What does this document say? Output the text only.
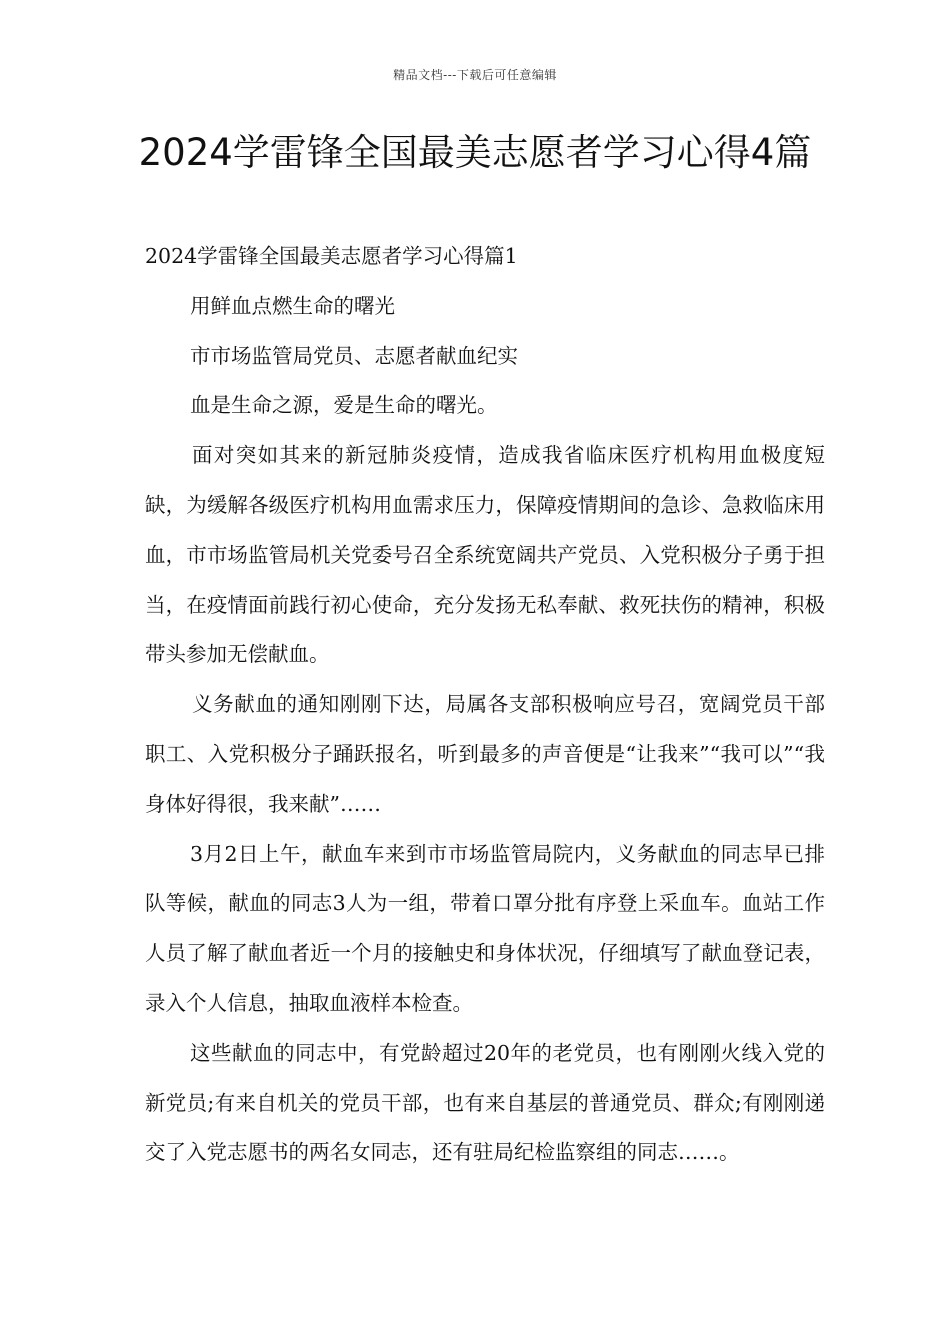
精品文档---下载后可任意编辑
2024学雷锋全国最美志愿者学习心得4篇

2024学雷锋全国最美志愿者学习心得篇1

用鲜血点燃生命的曙光

市市场监管局党员、志愿者献血纪实

血是生命之源，爱是生命的曙光。

面对突如其来的新冠肺炎疫情，造成我省临床医疗机构用血极度短缺，为缓解各级医疗机构用血需求压力，保障疫情期间的急诊、急救临床用血，市市场监管局机关党委号召全系统宽阔共产党员、入党积极分子勇于担当，在疫情面前践行初心使命，充分发扬无私奉献、救死扶伤的精神，积极带头参加无偿献血。

义务献血的通知刚刚下达，局属各支部积极响应号召，宽阔党员干部职工、入党积极分子踊跃报名，听到最多的声音便是“让我来”“我可以”“我身体好得很，我来献”……

3月2日上午，献血车来到市市场监管局院内，义务献血的同志早已排队等候，献血的同志3人为一组，带着口罩分批有序登上采血车。血站工作人员了解了献血者近一个月的接触史和身体状况，仔细填写了献血登记表，录入个人信息，抽取血液样本检查。

这些献血的同志中，有党龄超过20年的老党员，也有刚刚火线入党的新党员;有来自机关的党员干部，也有来自基层的普通党员、群众;有刚刚递交了入党志愿书的两名女同志，还有驻局纪检监察组的同志……。
